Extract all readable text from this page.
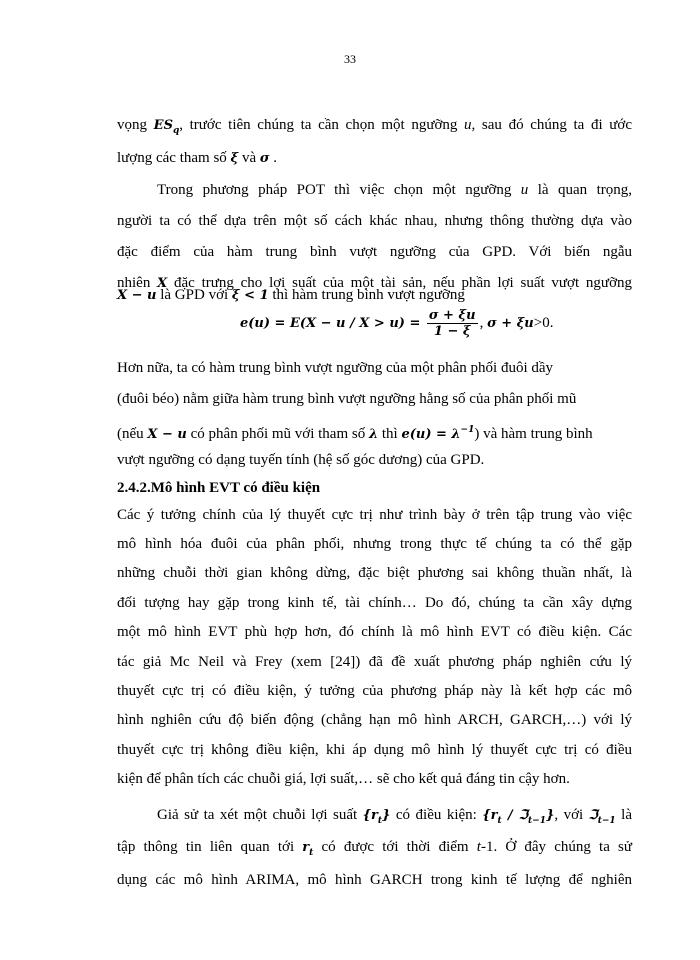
33
vọng $ES_q$, trước tiên chúng ta cần chọn một ngưỡng u, sau đó chúng ta đi ước
lượng các tham số ξ và σ .
Trong phương pháp POT thì việc chọn một ngưỡng u là quan trọng,
người ta có thể dựa trên một số cách khác nhau, nhưng thông thường dựa vào
đặc điểm của hàm trung bình vượt ngưỡng của GPD. Với biến ngẫu
nhiên X đặc trưng cho lợi suất của một tài sản, nếu phần lợi suất vượt ngưỡng
X − u là GPD với ξ < 1 thì hàm trung bình vượt ngưỡng
$e(u) = E(X - u / X > u) = \frac{\sigma + \xi u}{1 - \xi}$ , σ + ξu>0.
Hơn nữa, ta có hàm trung bình vượt ngưỡng của một phân phối đuôi dầy
(đuôi béo) nằm giữa hàm trung bình vượt ngưỡng hằng số của phân phối mũ
(nếu X − u có phân phối mũ với tham số λ thì $e(u) = \lambda^{-1}$) và hàm trung bình
vượt ngưỡng có dạng tuyến tính (hệ số góc dương) của GPD.
2.4.2.Mô hình EVT có điều kiện
Các ý tưởng chính của lý thuyết cực trị như trình bày ở trên tập trung vào việc
mô hình hóa đuôi của phân phối, nhưng trong thực tế chúng ta có thể gặp
những chuỗi thời gian không dừng, đặc biệt phương sai không thuần nhất, là
đối tượng hay gặp trong kinh tế, tài chính… Do đó, chúng ta cần xây dựng
một mô hình EVT phù hợp hơn, đó chính là mô hình EVT có điều kiện. Các
tác giả Mc Neil và Frey (xem [24]) đã đề xuất phương pháp nghiên cứu lý
thuyết cực trị có điều kiện, ý tưởng của phương pháp này là kết hợp các mô
hình nghiên cứu độ biến động (chẳng hạn mô hình ARCH, GARCH,…) với lý
thuyết cực trị không điều kiện, khi áp dụng mô hình lý thuyết cực trị có điều
kiện để phân tích các chuỗi giá, lợi suất,… sẽ cho kết quả đáng tin cậy hơn.
Giả sử ta xét một chuỗi lợi suất $\{r_t\}$ có điều kiện: {$r_t$ / ℑ$_{t-1}$}, với ℑ$_{t-1}$ là
tập thông tin liên quan tới $r_t$ có được tới thời điểm t-1. Ở đây chúng ta sử
dụng các mô hình ARIMA, mô hình GARCH trong kinh tế lượng để nghiên
